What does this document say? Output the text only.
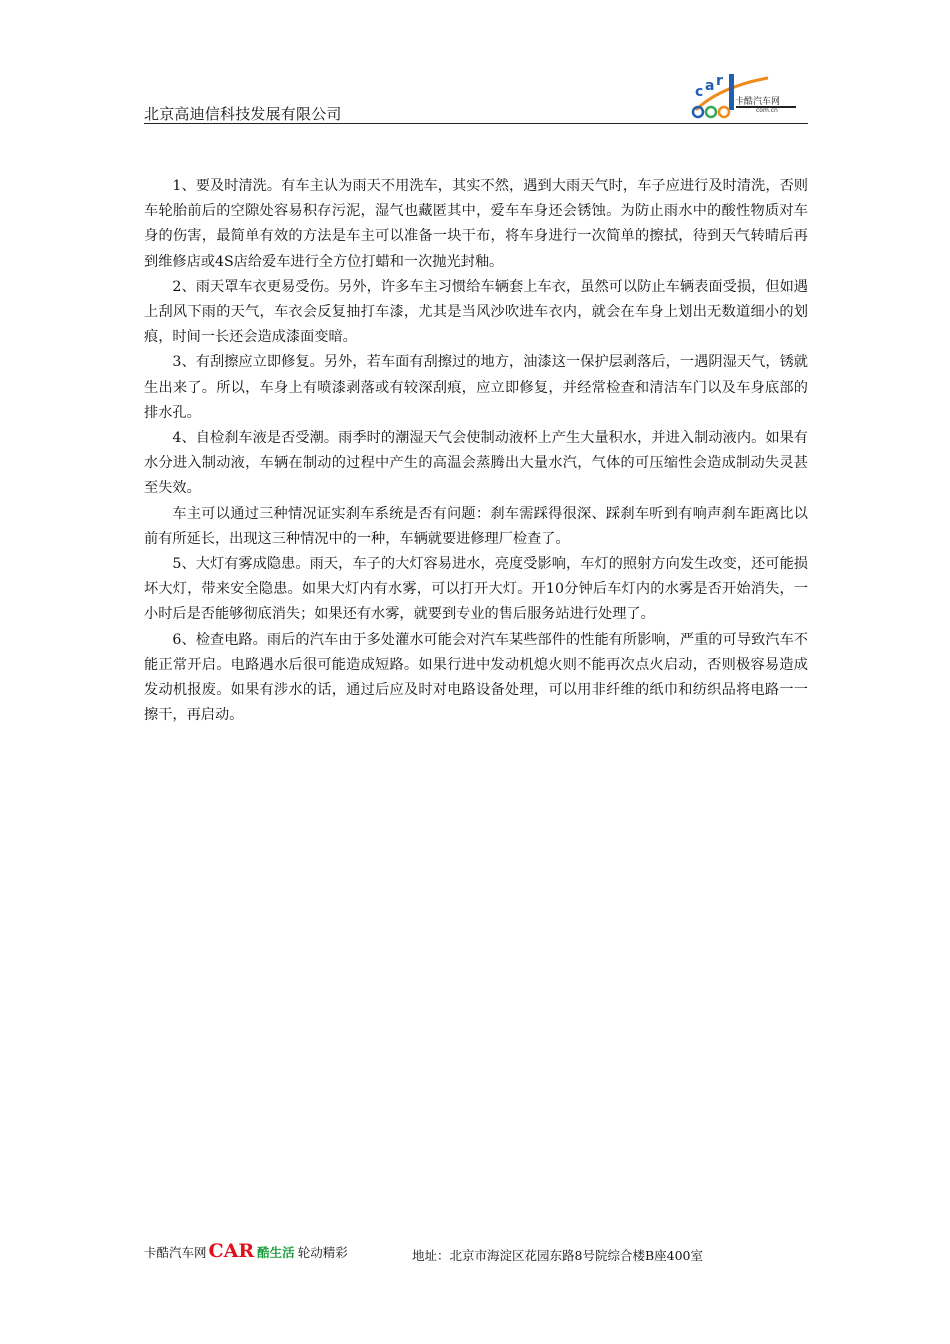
北京高迪信科技发展有限公司
c a r
卡酷汽车网
com.cn

1、要及时清洗。有车主认为雨天不用洗车，其实不然，遇到大雨天气时，车子应进行及时清洗，否则车轮胎前后的空隙处容易积存污泥，湿气也藏匿其中，爱车车身还会锈蚀。为防止雨水中的酸性物质对车身的伤害，最简单有效的方法是车主可以准备一块干布，将车身进行一次简单的擦拭，待到天气转晴后再到维修店或4S店给爱车进行全方位打蜡和一次抛光封釉。

2、雨天罩车衣更易受伤。另外，许多车主习惯给车辆套上车衣，虽然可以防止车辆表面受损，但如遇上刮风下雨的天气，车衣会反复抽打车漆，尤其是当风沙吹进车衣内，就会在车身上划出无数道细小的划痕，时间一长还会造成漆面变暗。

3、有刮擦应立即修复。另外，若车面有刮擦过的地方，油漆这一保护层剥落后，一遇阴湿天气，锈就生出来了。所以，车身上有喷漆剥落或有较深刮痕，应立即修复，并经常检查和清洁车门以及车身底部的排水孔。

4、自检刹车液是否受潮。雨季时的潮湿天气会使制动液杯上产生大量积水，并进入制动液内。如果有水分进入制动液，车辆在制动的过程中产生的高温会蒸腾出大量水汽，气体的可压缩性会造成制动失灵甚至失效。

车主可以通过三种情况证实刹车系统是否有问题：刹车需踩得很深、踩刹车听到有响声刹车距离比以前有所延长，出现这三种情况中的一种，车辆就要进修理厂检查了。

5、大灯有雾成隐患。雨天，车子的大灯容易进水，亮度受影响，车灯的照射方向发生改变，还可能损坏大灯，带来安全隐患。如果大灯内有水雾，可以打开大灯。开10分钟后车灯内的水雾是否开始消失，一小时后是否能够彻底消失；如果还有水雾，就要到专业的售后服务站进行处理了。

6、检查电路。雨后的汽车由于多处灌水可能会对汽车某些部件的性能有所影响，严重的可导致汽车不能正常开启。电路遇水后很可能造成短路。如果行进中发动机熄火则不能再次点火启动，否则极容易造成发动机报废。如果有涉水的话，通过后应及时对电路设备处理，可以用非纤维的纸巾和纺织品将电路一一擦干，再启动。

卡酷汽车网 CAR 酷生活 轮动精彩	地址：北京市海淀区花园东路8号院综合楼B座400室
